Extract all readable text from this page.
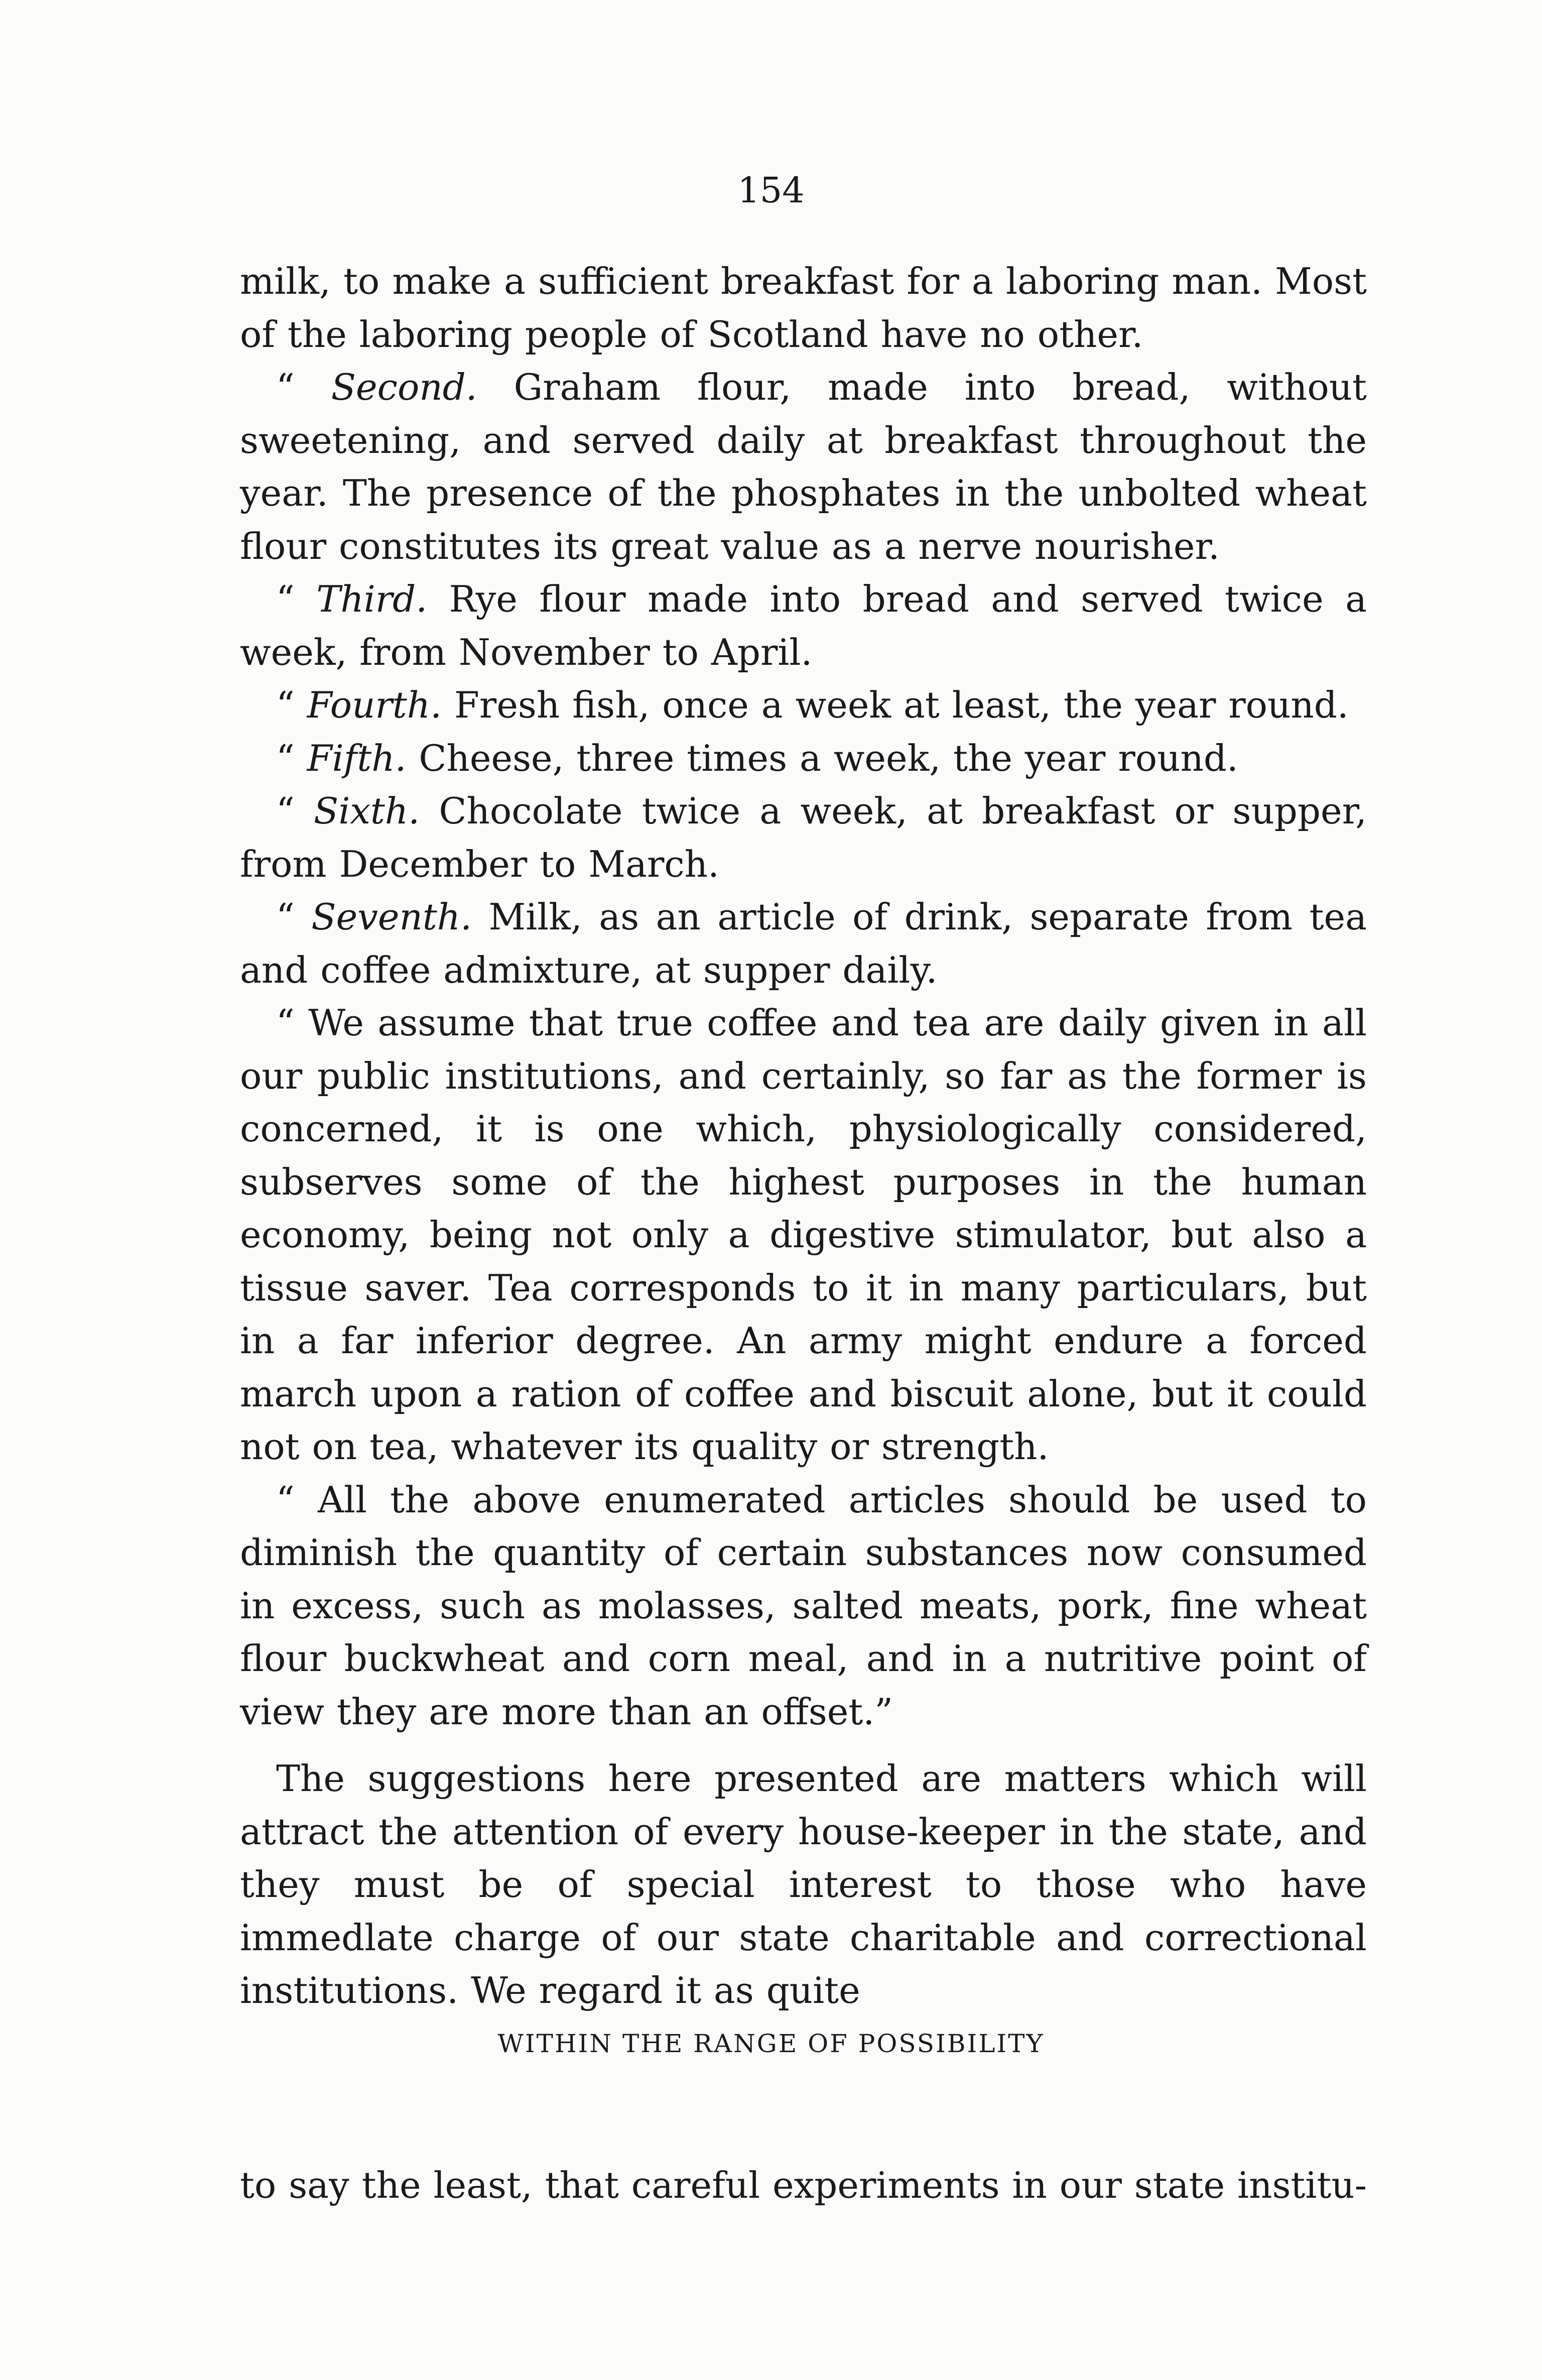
154

milk, to make a sufficient breakfast for a laboring man. Most of the laboring people of Scotland have no other.

“ Second. Graham flour, made into bread, without sweetening, and served daily at breakfast throughout the year. The presence of the phosphates in the unbolted wheat flour constitutes its great value as a nerve nourisher.

“ Third. Rye flour made into bread and served twice a week, from November to April.

“ Fourth. Fresh fish, once a week at least, the year round.

“ Fifth. Cheese, three times a week, the year round.

“ Sixth. Chocolate twice a week, at breakfast or supper, from December to March.

“ Seventh. Milk, as an article of drink, separate from tea and coffee admixture, at supper daily.

“ We assume that true coffee and tea are daily given in all our public institutions, and certainly, so far as the former is concerned, it is one which, physiologically considered, subserves some of the highest purposes in the human economy, being not only a digestive stimulator, but also a tissue saver. Tea corresponds to it in many particulars, but in a far inferior degree. An army might endure a forced march upon a ration of coffee and biscuit alone, but it could not on tea, whatever its quality or strength.

“ All the above enumerated articles should be used to diminish the quantity of certain substances now consumed in excess, such as molasses, salted meats, pork, fine wheat flour buckwheat and corn meal, and in a nutritive point of view they are more than an offset.”

The suggestions here presented are matters which will attract the attention of every house-keeper in the state, and they must be of special interest to those who have immedlate charge of our state charitable and correctional institutions. We regard it as quite

WITHIN THE RANGE OF POSSIBILITY

to say the least, that careful experiments in our state institu-
